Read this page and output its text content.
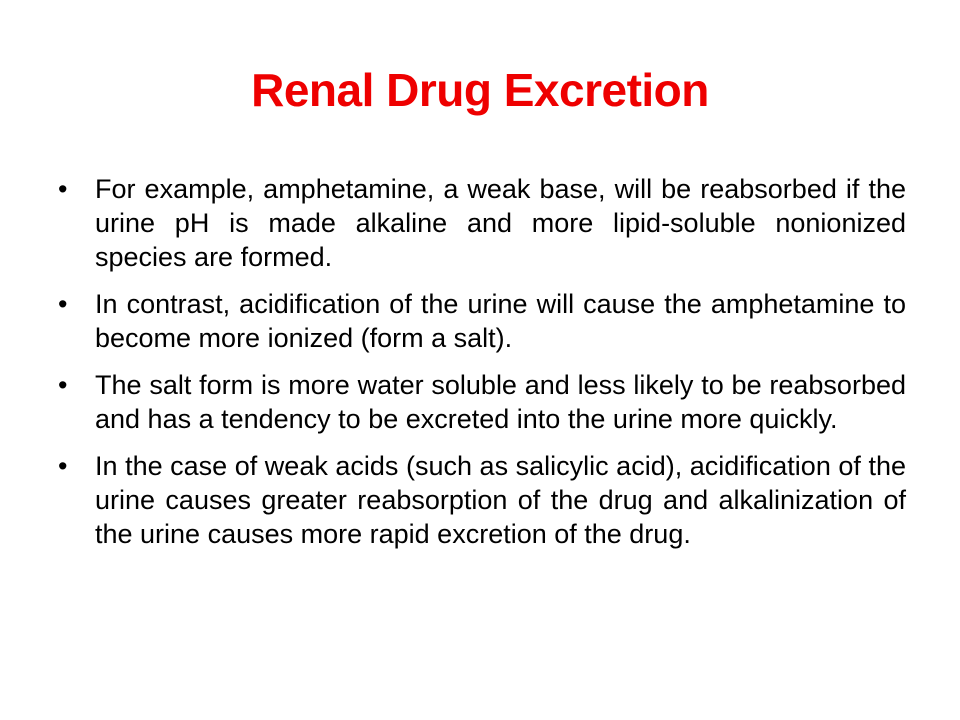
Renal Drug Excretion
• For example, amphetamine, a weak base, will be reabsorbed if the urine pH is made alkaline and more lipid-soluble nonionized species are formed.
• In contrast, acidification of the urine will cause the amphetamine to become more ionized (form a salt).
• The salt form is more water soluble and less likely to be reabsorbed and has a tendency to be excreted into the urine more quickly.
• In the case of weak acids (such as salicylic acid), acidification of the urine causes greater reabsorption of the drug and alkalinization of the urine causes more rapid excretion of the drug.
